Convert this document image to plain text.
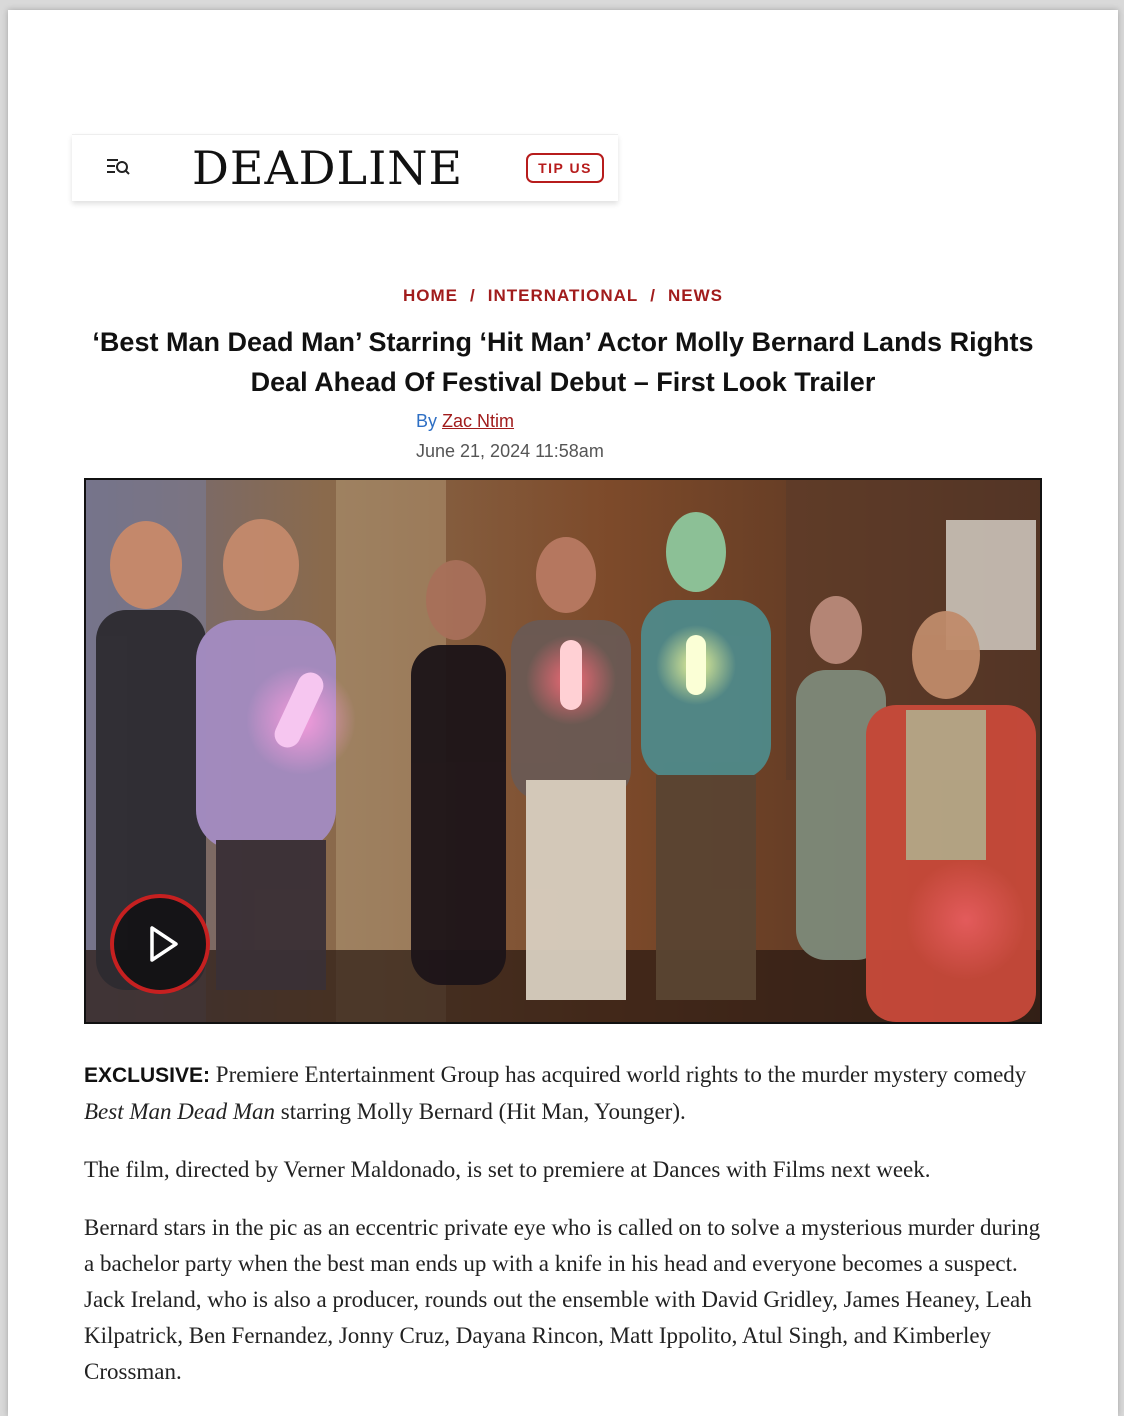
DEADLINE	TIP US
HOME / INTERNATIONAL / NEWS
‘Best Man Dead Man’ Starring ‘Hit Man’ Actor Molly Bernard Lands Rights Deal Ahead Of Festival Debut – First Look Trailer
By Zac Ntim
June 21, 2024 11:58am

EXCLUSIVE: Premiere Entertainment Group has acquired world rights to the murder mystery comedy Best Man Dead Man starring Molly Bernard (Hit Man, Younger).

The film, directed by Verner Maldonado, is set to premiere at Dances with Films next week.

Bernard stars in the pic as an eccentric private eye who is called on to solve a mysterious murder during a bachelor party when the best man ends up with a knife in his head and everyone becomes a suspect. Jack Ireland, who is also a producer, rounds out the ensemble with David Gridley, James Heaney, Leah Kilpatrick, Ben Fernandez, Jonny Cruz, Dayana Rincon, Matt Ippolito, Atul Singh, and Kimberley Crossman.
